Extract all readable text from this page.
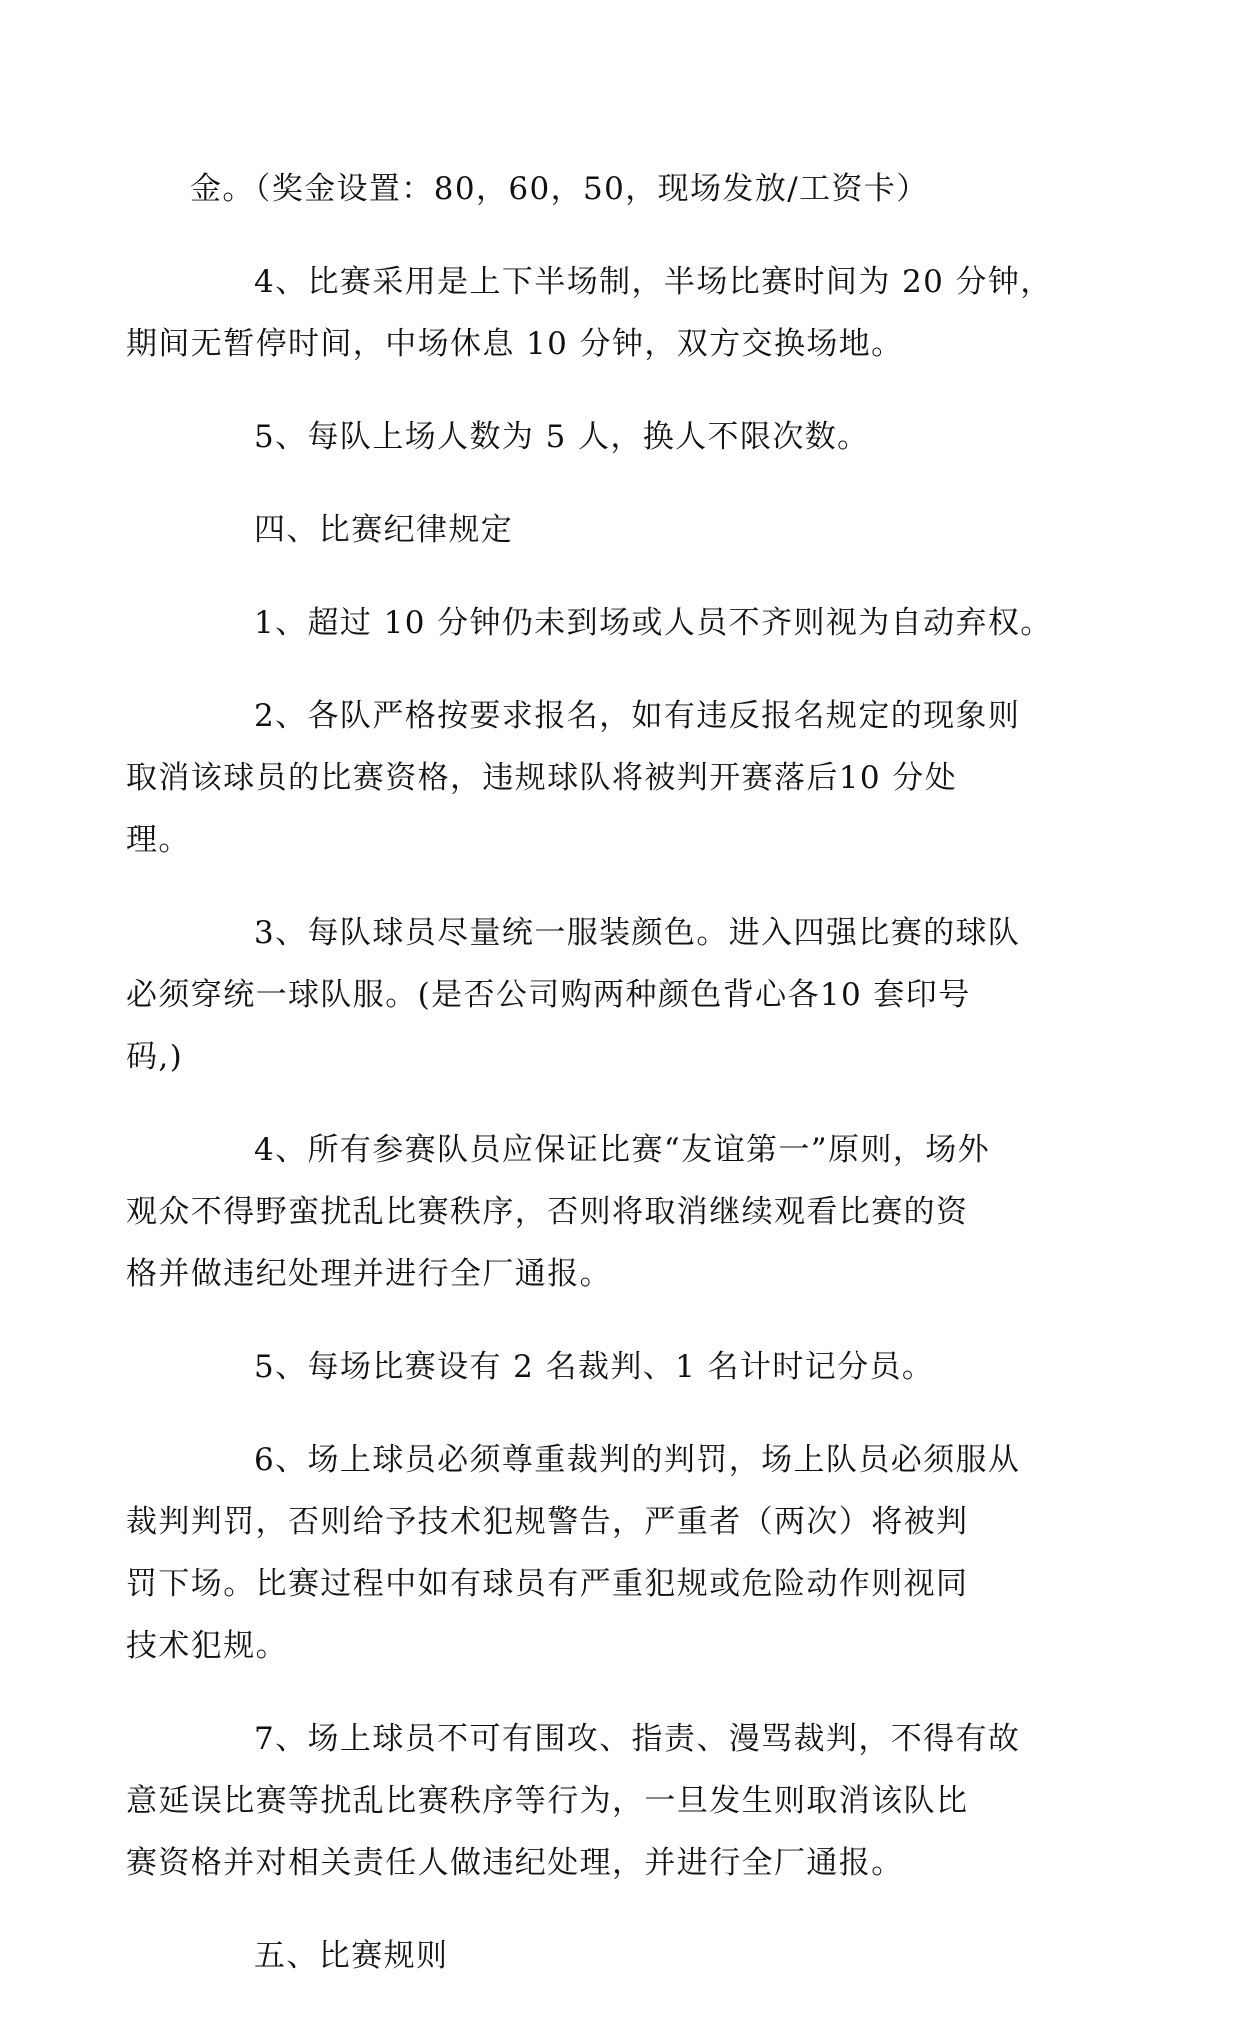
金。（奖金设置：80，60，50，现场发放/工资卡）

4、比赛采用是上下半场制，半场比赛时间为 20 分钟，
期间无暂停时间，中场休息 10 分钟，双方交换场地。

5、每队上场人数为 5 人，换人不限次数。

四、比赛纪律规定

1、超过 10 分钟仍未到场或人员不齐则视为自动弃权。

2、各队严格按要求报名，如有违反报名规定的现象则
取消该球员的比赛资格，违规球队将被判开赛落后10 分处
理。

3、每队球员尽量统一服装颜色。进入四强比赛的球队
必须穿统一球队服。(是否公司购两种颜色背心各10 套印号
码,)

4、所有参赛队员应保证比赛“友谊第一”原则，场外
观众不得野蛮扰乱比赛秩序，否则将取消继续观看比赛的资
格并做违纪处理并进行全厂通报。

5、每场比赛设有 2 名裁判、1 名计时记分员。

6、场上球员必须尊重裁判的判罚，场上队员必须服从
裁判判罚，否则给予技术犯规警告，严重者（两次）将被判
罚下场。比赛过程中如有球员有严重犯规或危险动作则视同
技术犯规。

7、场上球员不可有围攻、指责、漫骂裁判，不得有故
意延误比赛等扰乱比赛秩序等行为，一旦发生则取消该队比
赛资格并对相关责任人做违纪处理，并进行全厂通报。

五、比赛规则
